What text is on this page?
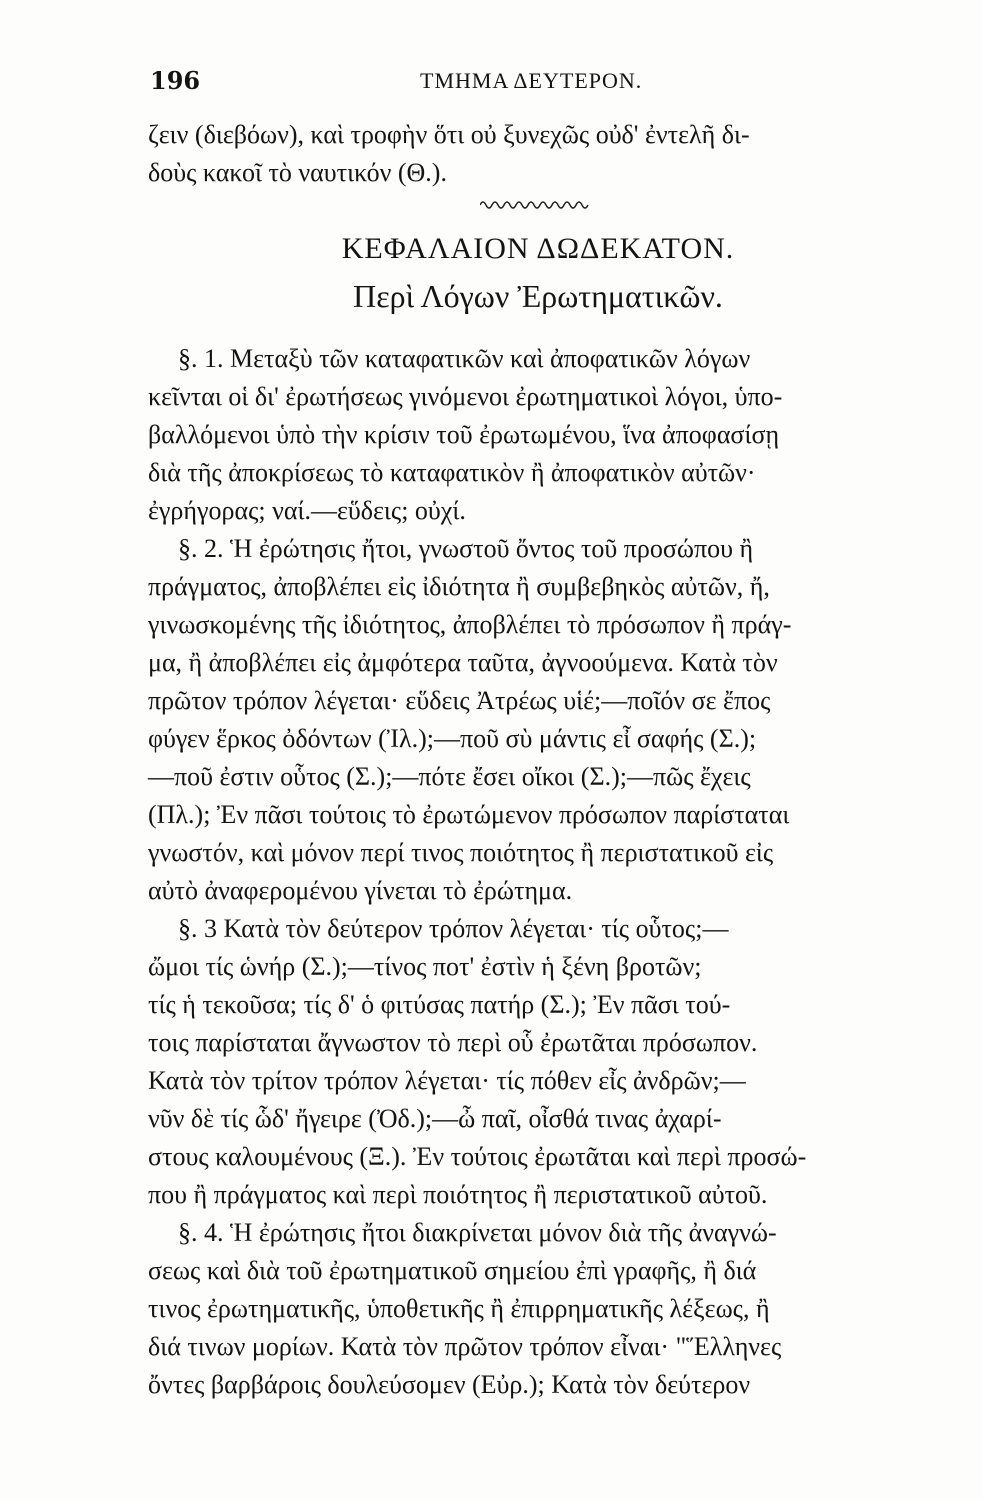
196	ΤΜΗΜΑ ΔΕΥΤΕΡΟΝ.

ζειν (διεβόων), καὶ τροφὴν ὅτι οὐ ξυνεχῶς οὐδ' ἐντελῆ δι-

δοὺς κακοῖ τὸ ναυτικόν (Θ.).

ΚΕΦΑΛΑΙΟΝ ΔΩΔΕΚΑΤΟΝ.
Περὶ Λόγων Ἐρωτηματικῶν.
§. 1. Μεταξὺ τῶν καταφατικῶν καὶ ἀποφατικῶν λόγων
κεῖνται οἱ δι' ἐρωτήσεως γινόμενοι ἐρωτηματικοὶ λόγοι, ὑπο-
βαλλόμενοι ὑπὸ τὴν κρίσιν τοῦ ἐρωτωμένου, ἵνα ἀποφασίσῃ
διὰ τῆς ἀποκρίσεως τὸ καταφατικὸν ἢ ἀποφατικὸν αὐτῶν·
ἐγρήγορας; ναί.—εὕδεις; οὐχί.
§. 2. Ἡ ἐρώτησις ἤτοι, γνωστοῦ ὄντος τοῦ προσώπου ἢ
πράγματος, ἀποβλέπει εἰς ἰδιότητα ἢ συμβεβηκὸς αὐτῶν, ἤ,
γινωσκομένης τῆς ἰδιότητος, ἀποβλέπει τὸ πρόσωπον ἢ πράγ-
μα, ἢ ἀποβλέπει εἰς ἀμφότερα ταῦτα, ἀγνοούμενα. Κατὰ τὸν
πρῶτον τρόπον λέγεται· εὕδεις Ἀτρέως υἱέ;—ποῖόν σε ἔπος
φύγεν ἕρκος ὀδόντων (Ἰλ.);—ποῦ σὺ μάντις εἶ σαφής (Σ.);
—ποῦ ἐστιν οὗτος (Σ.);—πότε ἔσει οἴκοι (Σ.);—πῶς ἔχεις
(Πλ.); Ἐν πᾶσι τούτοις τὸ ἐρωτώμενον πρόσωπον παρίσταται
γνωστόν, καὶ μόνον περί τινος ποιότητος ἢ περιστατικοῦ εἰς
αὐτὸ ἀναφερομένου γίνεται τὸ ἐρώτημα.
§. 3 Κατὰ τὸν δεύτερον τρόπον λέγεται· τίς οὗτος;—
ὤμοι τίς ὡνήρ (Σ.);—τίνος ποτ' ἐστὶν ἡ ξένη βροτῶν;
τίς ἡ τεκοῦσα; τίς δ' ὁ φιτύσας πατήρ (Σ.); Ἐν πᾶσι τού-
τοις παρίσταται ἄγνωστον τὸ περὶ οὗ ἐρωτᾶται πρόσωπον.
Κατὰ τὸν τρίτον τρόπον λέγεται· τίς πόθεν εἶς ἀνδρῶν;—
νῦν δὲ τίς ὧδ' ἤγειρε (Ὀδ.);—ὦ παῖ, οἶσθά τινας ἀχαρί-
στους καλουμένους (Ξ.). Ἐν τούτοις ἐρωτᾶται καὶ περὶ προσώ-
που ἢ πράγματος καὶ περὶ ποιότητος ἢ περιστατικοῦ αὐτοῦ.
§. 4. Ἡ ἐρώτησις ἤτοι διακρίνεται μόνον διὰ τῆς ἀναγνώ-
σεως καὶ διὰ τοῦ ἐρωτηματικοῦ σημείου ἐπὶ γραφῆς, ἢ διά
τινος ἐρωτηματικῆς, ὑποθετικῆς ἢ ἐπιρρηματικῆς λέξεως, ἢ
διά τινων μορίων. Κατὰ τὸν πρῶτον τρόπον εἶναι· "Ἕλληνες
ὄντες βαρβάροις δουλεύσομεν (Εὐρ.); Κατὰ τὸν δεύτερον
